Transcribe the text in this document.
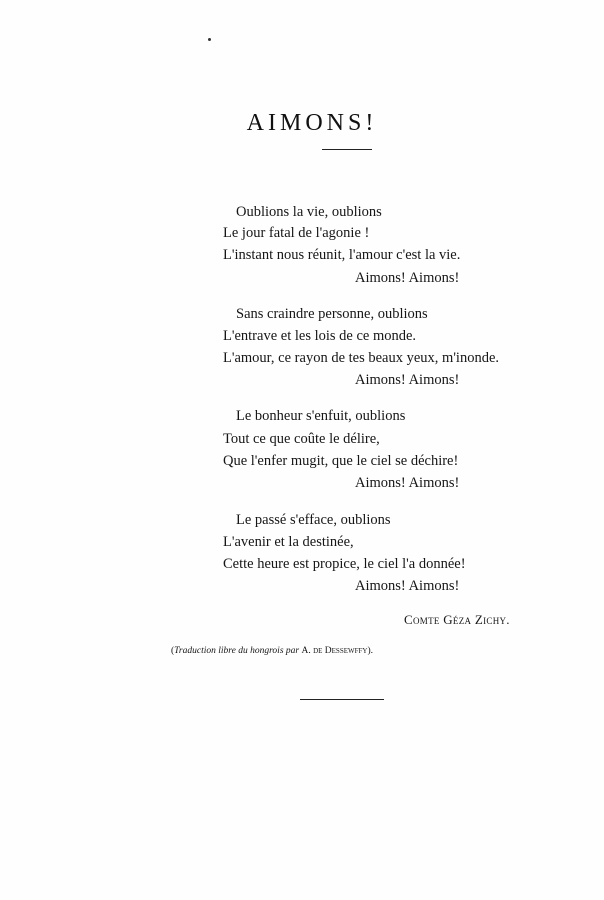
AIMONS!
Oublions la vie, oublions
Le jour fatal de l'agonie !
L'instant nous réunit, l'amour c'est la vie.
Aimons! Aimons!
Sans craindre personne, oublions
L'entrave et les lois de ce monde.
L'amour, ce rayon de tes beaux yeux, m'inonde.
Aimons! Aimons!
Le bonheur s'enfuit, oublions
Tout ce que coûte le délire,
Que l'enfer mugit, que le ciel se déchire!
Aimons! Aimons!
Le passé s'efface, oublions
L'avenir et la destinée,
Cette heure est propice, le ciel l'a donnée!
Aimons! Aimons!
Comte Géza Zichy.
(Traduction libre du hongrois par A. de Dessewffy).
